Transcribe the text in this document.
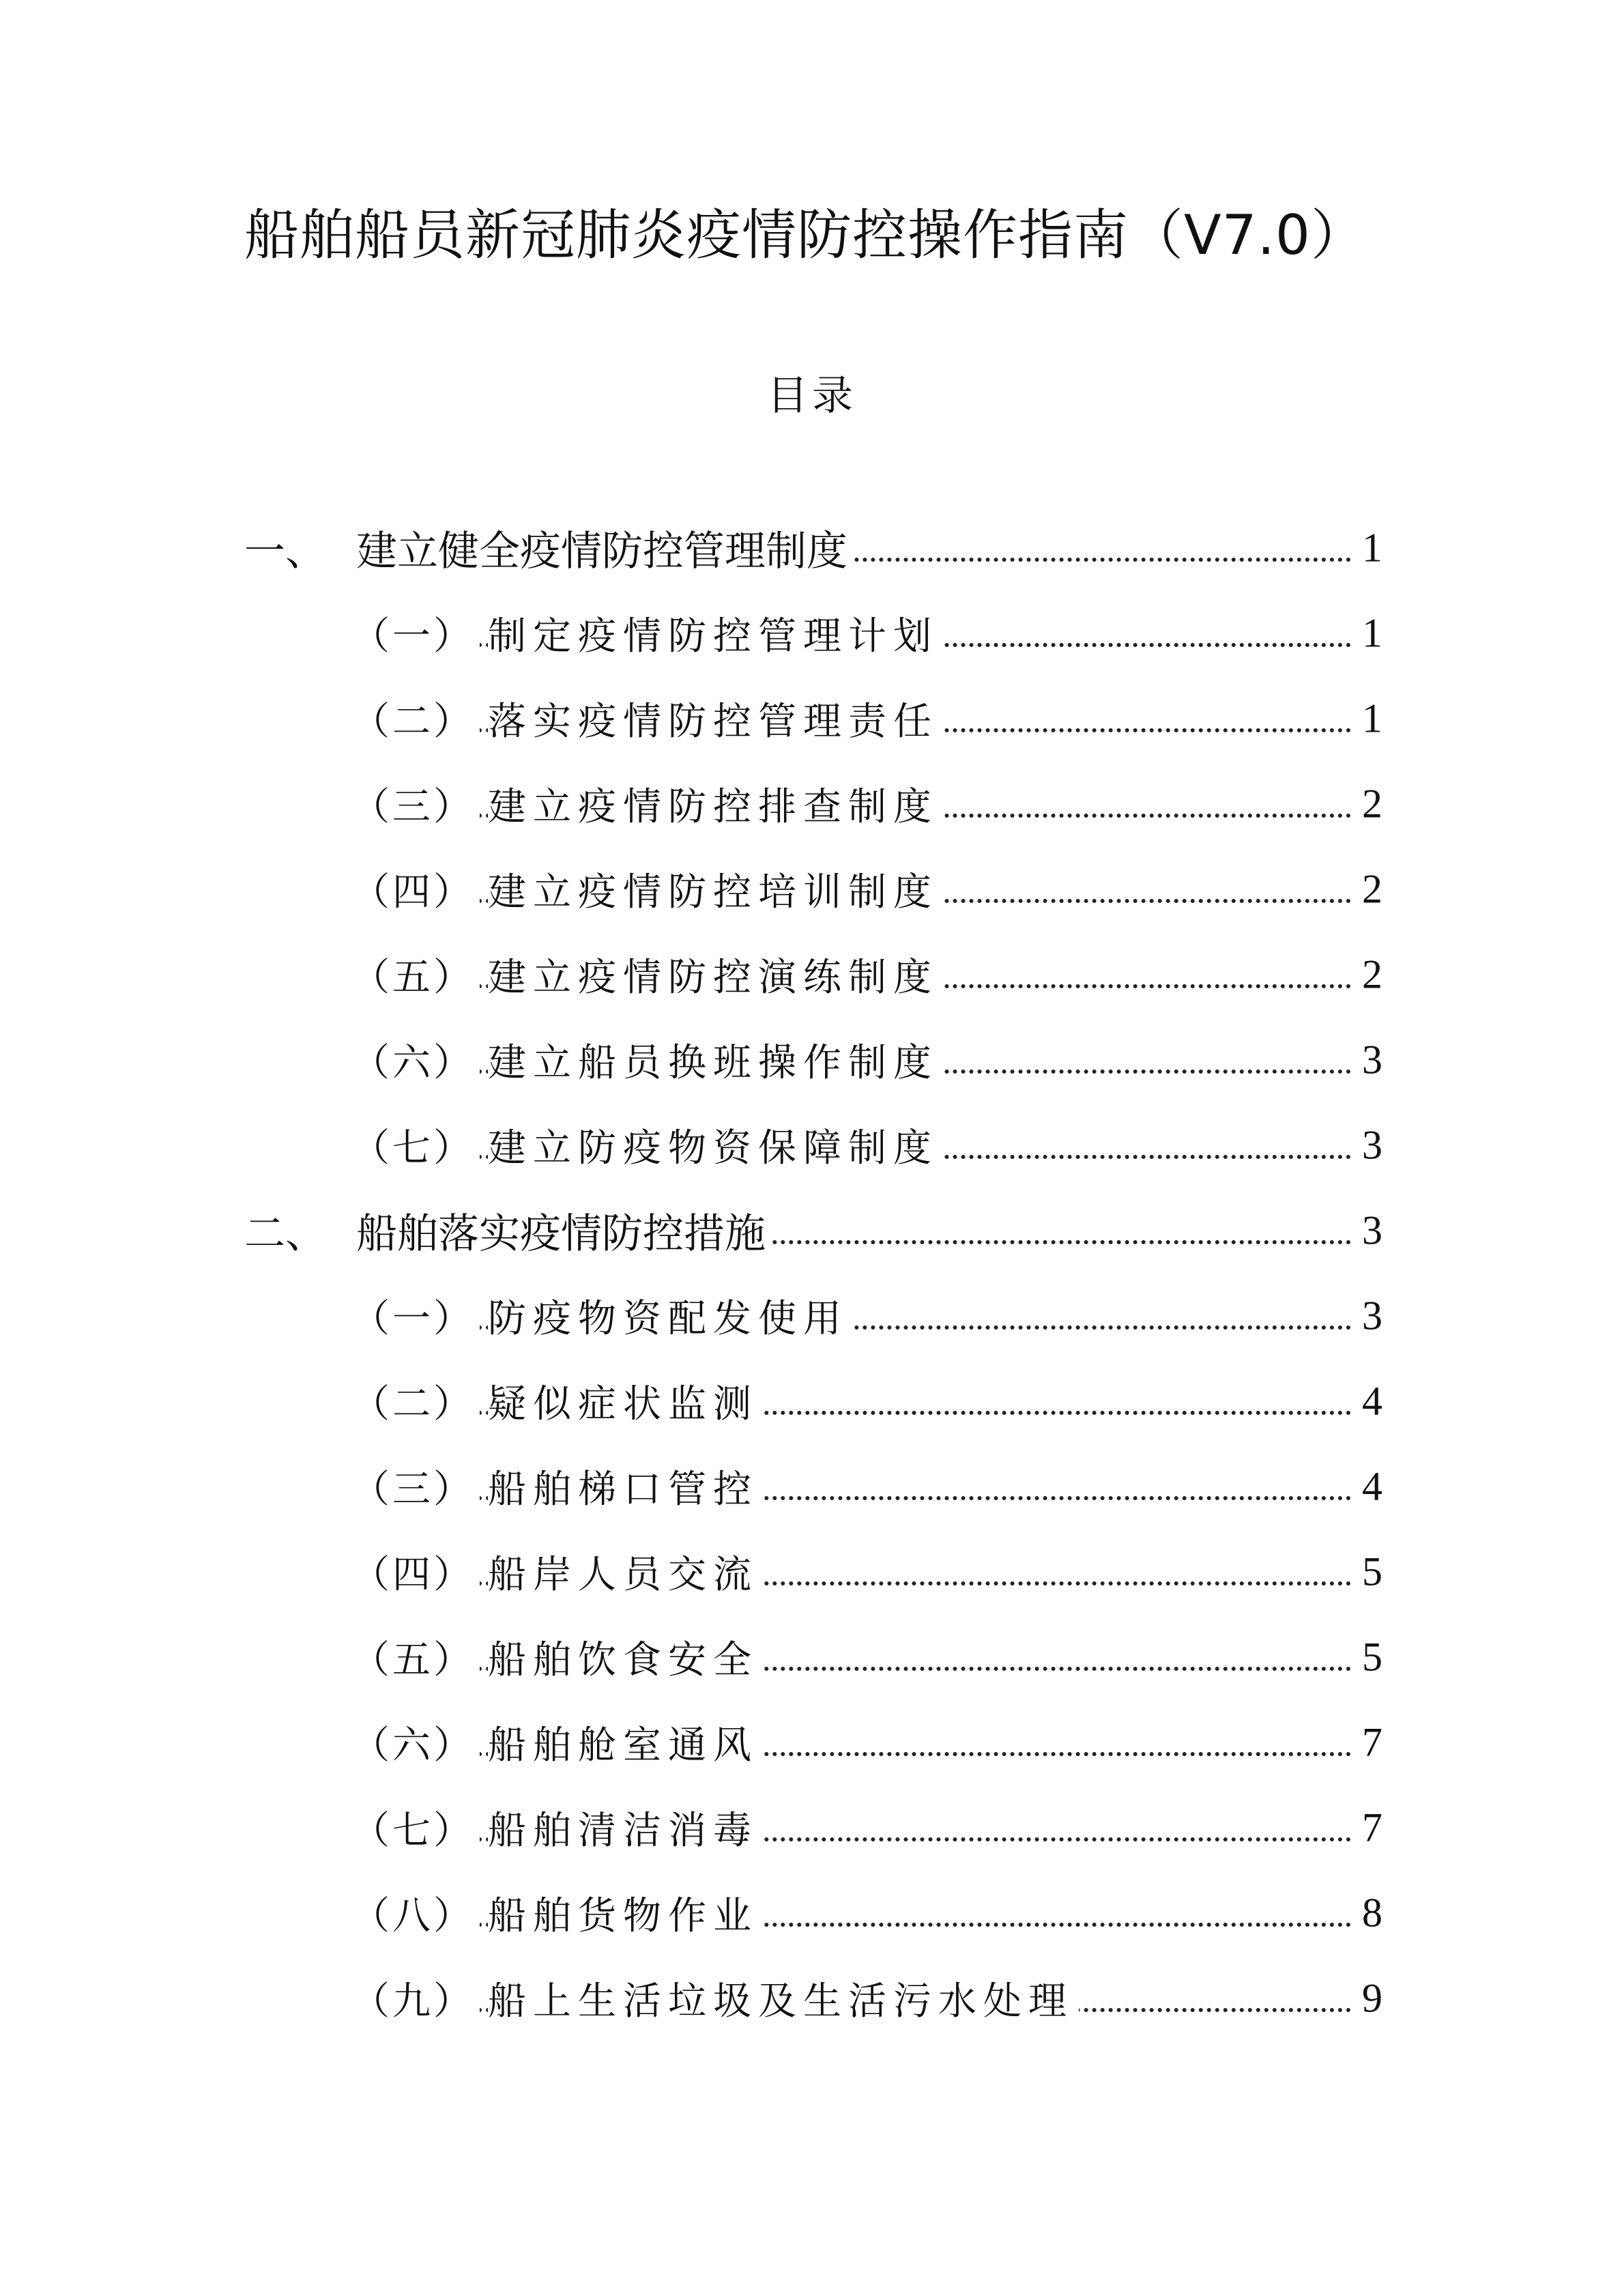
船舶船员新冠肺炎疫情防控操作指南（V7.0）
目录
一、 建立健全疫情防控管理制度	1
（一） 制定疫情防控管理计划	1
（二） 落实疫情防控管理责任	1
（三） 建立疫情防控排查制度	2
（四） 建立疫情防控培训制度	2
（五） 建立疫情防控演练制度	2
（六） 建立船员换班操作制度	3
（七） 建立防疫物资保障制度	3
二、 船舶落实疫情防控措施	3
（一） 防疫物资配发使用	3
（二） 疑似症状监测	4
（三） 船舶梯口管控	4
（四） 船岸人员交流	5
（五） 船舶饮食安全	5
（六） 船舶舱室通风	7
（七） 船舶清洁消毒	7
（八） 船舶货物作业	8
（九） 船上生活垃圾及生活污水处理	9
